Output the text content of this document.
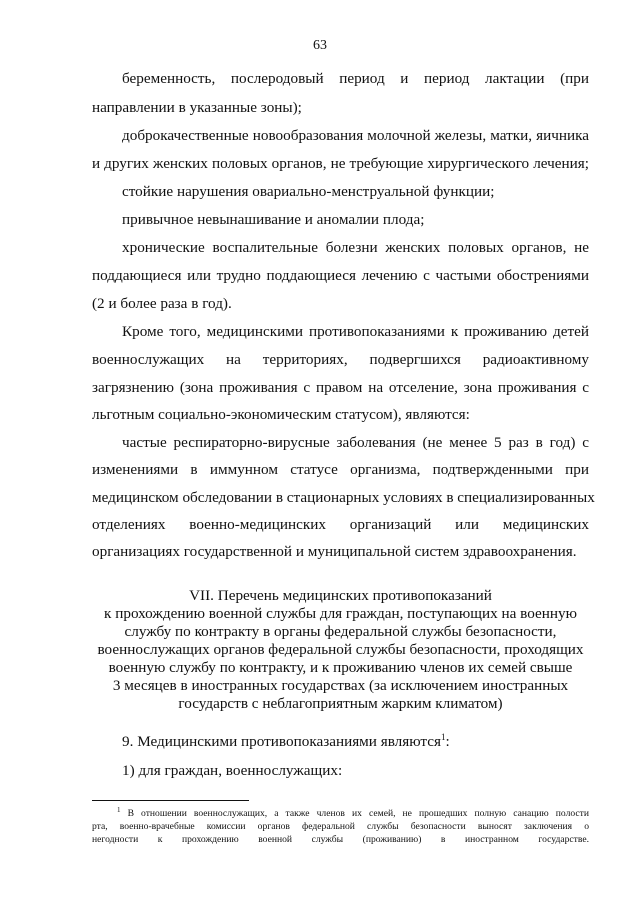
63
беременность, послеродовый период и период лактации (при
направлении в указанные зоны);
доброкачественные новообразования молочной железы, матки, яичника
и других женских половых органов, не требующие хирургического лечения;
стойкие нарушения овариально-менструальной функции;
привычное невынашивание и аномалии плода;
хронические воспалительные болезни женских половых органов, не
поддающиеся или трудно поддающиеся лечению с частыми обострениями
(2 и более раза в год).
Кроме того, медицинскими противопоказаниями к проживанию детей
военнослужащих на территориях, подвергшихся радиоактивному
загрязнению (зона проживания с правом на отселение, зона проживания с
льготным социально-экономическим статусом), являются:
частые респираторно-вирусные заболевания (не менее 5 раз в год) с
изменениями в иммунном статусе организма, подтвержденными при
медицинском обследовании в стационарных условиях в специализированных
отделениях военно-медицинских организаций или медицинских
организациях государственной и муниципальной систем здравоохранения.
VII. Перечень медицинских противопоказаний
к прохождению военной службы для граждан, поступающих на военную
службу по контракту в органы федеральной службы безопасности,
военнослужащих органов федеральной службы безопасности, проходящих
военную службу по контракту, и к проживанию членов их семей свыше
3 месяцев в иностранных государствах (за исключением иностранных
государств с неблагоприятным жарким климатом)
9. Медицинскими противопоказаниями являются$^1$:
1) для граждан, военнослужащих:
$^1$ В отношении военнослужащих, а также членов их семей, не прошедших полную санацию полости
рта, военно-врачебные комиссии органов федеральной службы безопасности выносят заключения о
негодности к прохождению военной службы (проживанию) в иностранном государстве.
